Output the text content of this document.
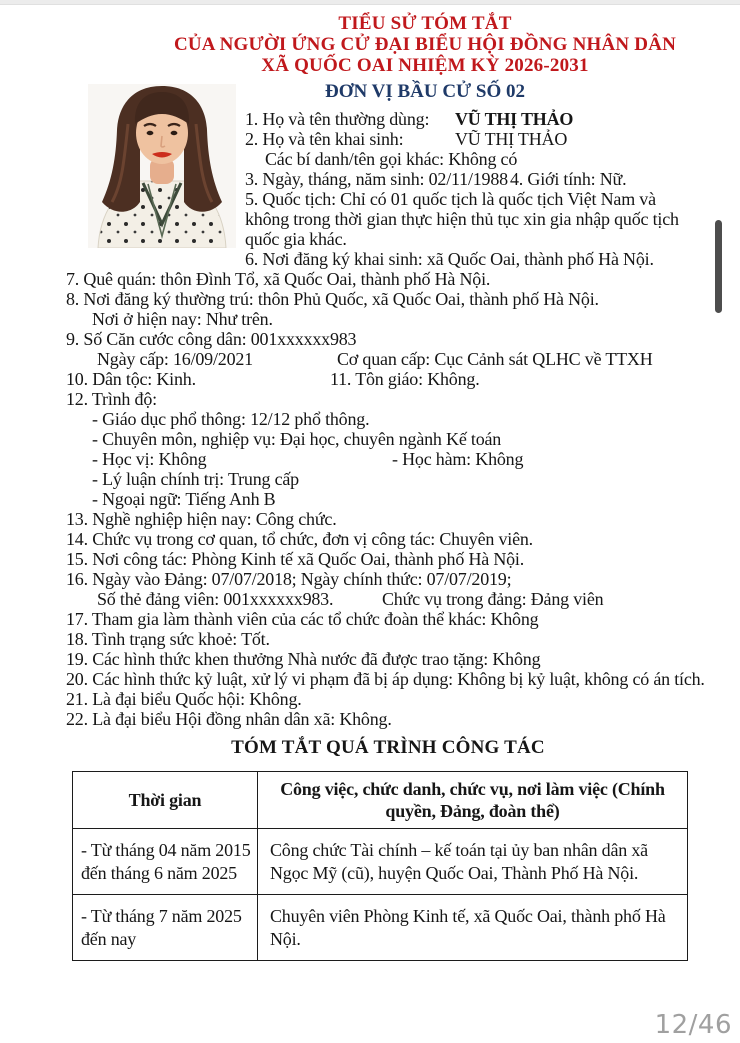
TIỂU SỬ TÓM TẮT
CỦA NGƯỜI ỨNG CỬ ĐẠI BIỂU HỘI ĐỒNG NHÂN DÂN
XÃ QUỐC OAI NHIỆM KỲ 2026-2031
ĐƠN VỊ BẦU CỬ SỐ 02
1. Họ và tên thường dùng:	VŨ THỊ THẢO
2. Họ và tên khai sinh:	VŨ THỊ THẢO
Các bí danh/tên gọi khác: Không có
3. Ngày, tháng, năm sinh: 02/11/1988 4. Giới tính: Nữ.
5. Quốc tịch: Chỉ có 01 quốc tịch là quốc tịch Việt Nam và không trong thời gian thực hiện thủ tục xin gia nhập quốc tịch quốc gia khác.
6. Nơi đăng ký khai sinh: xã Quốc Oai, thành phố Hà Nội.
7. Quê quán: thôn Đình Tổ, xã Quốc Oai, thành phố Hà Nội.
8. Nơi đăng ký thường trú: thôn Phủ Quốc, xã Quốc Oai, thành phố Hà Nội.
Nơi ở hiện nay: Như trên.
9. Số Căn cước công dân: 001xxxxxx983
Ngày cấp: 16/09/2021	Cơ quan cấp: Cục Cảnh sát QLHC về TTXH
10. Dân tộc: Kinh.	11. Tôn giáo: Không.
12. Trình độ:
- Giáo dục phổ thông: 12/12 phổ thông.
- Chuyên môn, nghiệp vụ: Đại học, chuyên ngành Kế toán
- Học vị: Không	- Học hàm: Không
- Lý luận chính trị: Trung cấp
- Ngoại ngữ: Tiếng Anh B
13. Nghề nghiệp hiện nay: Công chức.
14. Chức vụ trong cơ quan, tổ chức, đơn vị công tác: Chuyên viên.
15. Nơi công tác: Phòng Kinh tế xã Quốc Oai, thành phố Hà Nội.
16. Ngày vào Đảng: 07/07/2018; Ngày chính thức: 07/07/2019;
Số thẻ đảng viên: 001xxxxxx983.	Chức vụ trong đảng: Đảng viên
17. Tham gia làm thành viên của các tổ chức đoàn thể khác: Không
18. Tình trạng sức khoẻ: Tốt.
19. Các hình thức khen thưởng Nhà nước đã được trao tặng: Không
20. Các hình thức kỷ luật, xử lý vi phạm đã bị áp dụng: Không bị kỷ luật, không có án tích.
21. Là đại biểu Quốc hội: Không.
22. Là đại biểu Hội đồng nhân dân xã: Không.
TÓM TẮT QUÁ TRÌNH CÔNG TÁC
Thời gian	Công việc, chức danh, chức vụ, nơi làm việc (Chính quyền, Đảng, đoàn thể)
- Từ tháng 04 năm 2015 đến tháng 6 năm 2025	Công chức Tài chính – kế toán tại ủy ban nhân dân xã Ngọc Mỹ (cũ), huyện Quốc Oai, Thành Phố Hà Nội.
- Từ tháng 7 năm 2025 đến nay	Chuyên viên Phòng Kinh tế, xã Quốc Oai, thành phố Hà Nội.
12/46
